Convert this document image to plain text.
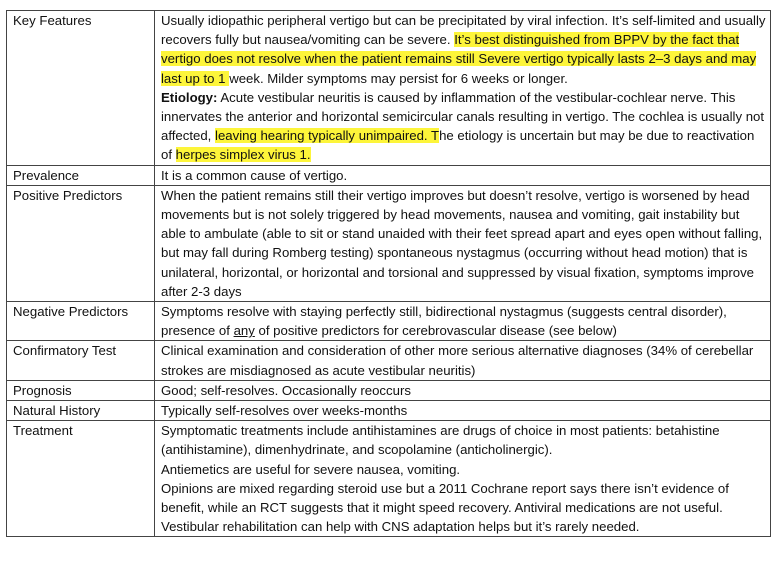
Key Features	Usually idiopathic peripheral vertigo but can be precipitated by viral infection. It’s self-limited and usually recovers fully but nausea/vomiting can be severe. It’s best distinguished from BPPV by the fact that vertigo does not resolve when the patient remains still Severe vertigo typically lasts 2–3 days and may last up to 1 week. Milder symptoms may persist for 6 weeks or longer.
Etiology: Acute vestibular neuritis is caused by inflammation of the vestibular-cochlear nerve. This innervates the anterior and horizontal semicircular canals resulting in vertigo. The cochlea is usually not affected, leaving hearing typically unimpaired. The etiology is uncertain but may be due to reactivation of herpes simplex virus 1.

Prevalence	It is a common cause of vertigo.

Positive Predictors	When the patient remains still their vertigo improves but doesn’t resolve, vertigo is worsened by head movements but is not solely triggered by head movements, nausea and vomiting, gait instability but able to ambulate (able to sit or stand unaided with their feet spread apart and eyes open without falling, but may fall during Romberg testing) spontaneous nystagmus (occurring without head motion) that is unilateral, horizontal, or horizontal and torsional and suppressed by visual fixation, symptoms improve after 2-3 days

Negative Predictors	Symptoms resolve with staying perfectly still, bidirectional nystagmus (suggests central disorder), presence of any of positive predictors for cerebrovascular disease (see below)

Confirmatory Test	Clinical examination and consideration of other more serious alternative diagnoses (34% of cerebellar strokes are misdiagnosed as acute vestibular neuritis)

Prognosis	Good; self-resolves. Occasionally reoccurs

Natural History	Typically self-resolves over weeks-months

Treatment	Symptomatic treatments include antihistamines are drugs of choice in most patients: betahistine (antihistamine), dimenhydrinate, and scopolamine (anticholinergic).
Antiemetics are useful for severe nausea, vomiting.
Opinions are mixed regarding steroid use but a 2011 Cochrane report says there isn’t evidence of benefit, while an RCT suggests that it might speed recovery. Antiviral medications are not useful. Vestibular rehabilitation can help with CNS adaptation helps but it’s rarely needed.
